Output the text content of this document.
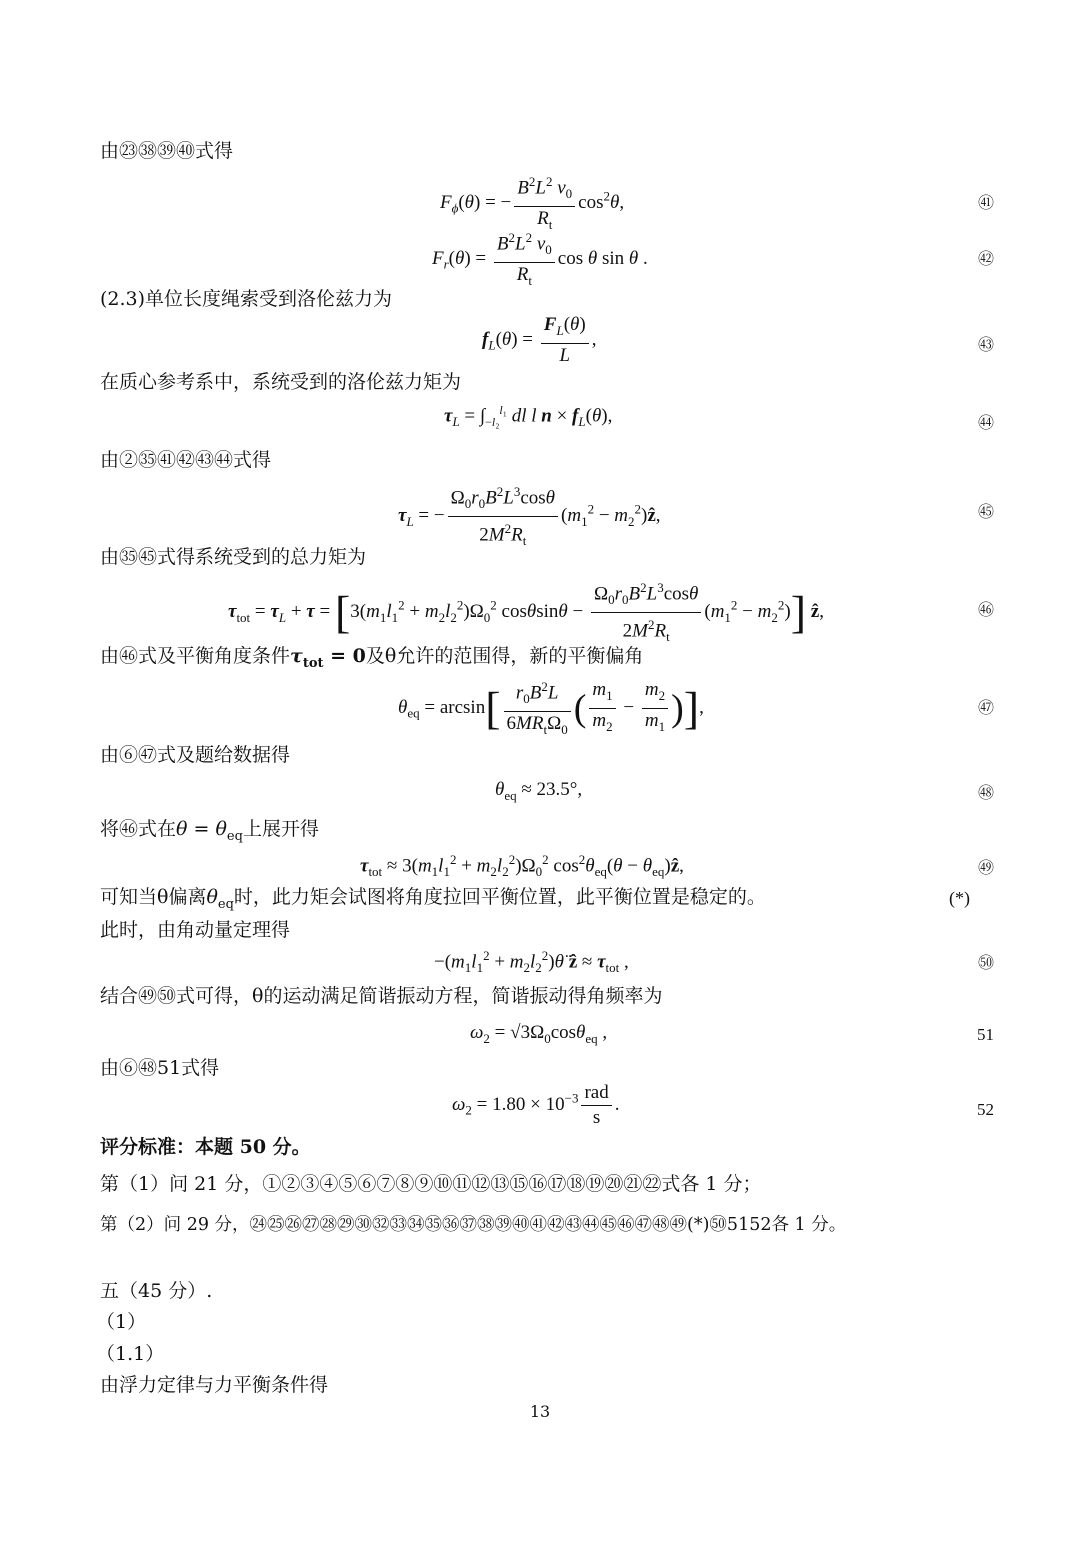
由㉓㊳㊴㊵式得
$F_\phi(\theta)$ = − $\frac{B^2L^2 v_0}{R_t} \cos^2\theta$,	㊶
$F_r(\theta) = \frac{B^2L^2 v_0}{R_t}$ cos θ sin θ .	㊷
(2.3)单位长度绳索受到洛伦兹力为
$f_L(\theta) = \frac{F_L(\theta)}{L}$ ,	㊸
在质心参考系中，系统受到的洛伦兹力矩为
$\tau_L = \int_{-l_2}^{l_1}$ dl l $n \times f_L(\theta)$,	㊹
由②㉟㊶㊷㊸㊹式得
$\tau_L$ = − $\frac{\Omega_0r_0B^2L^3\cos\theta}{2M^2R_t} (m_1^2$ − $m_2^2)ẑ$,	㊺
由㉟㊺式得系统受到的总力矩为
$\tau_{tot} = \tau_L + \tau = [3(m_1l_1^2 + m_2l_2^2)\Omega_0^2$ $\cos\theta\sin\theta - \frac{\Omega_0r_0B^2L^3\cos\theta}{2M^2R_t} (m_1^2 - m_2^2)$] ẑ,	㊻
由㊻式及平衡角度条件$\tau_{tot} = 0$及θ允许的范围得，新的平衡偏角
$\theta_{eq} = \arcsin[ \frac{r_0B^2L}{6MR_t\Omega_0}$ ( $\frac{m_1}{m_2} - \frac{m_2}{m_1}$ )],	㊼
由⑥㊼式及题给数据得
$\theta_{eq} \approx 23.5^\circ$,	㊽
将㊻式在$\theta = \theta_{eq}$上展开得
$\tau_{tot} \approx 3(m_1l_1^2 + m_2l_2^2)\Omega_0^2$ $\cos^2\theta_{eq}(\theta$ − $\theta_{eq})ẑ$,	㊾
可知当θ偏离$\theta_{eq}$时，此力矩会试图将角度拉回平衡位置，此平衡位置是稳定的。	(*)
此时，由角动量定理得
$-(m_1l_1^2$ + $m_2l_2^2)\thetä$ ẑ ≈ $\tau_{tot}$ ,	㊿
结合㊾㊿式可得，θ的运动满足简谐振动方程，简谐振动得角频率为
$\omega_2 = √3\Omega_0\cos\theta_{eq}$ ,	51
由⑥㊽51式得
$\omega_2 = 1.80 \times 10^{-3} \frac{\text{rad}}{s}$ .	52
评分标准：本题 50 分。
第（1）问 21 分，①②③④⑤⑥⑦⑧⑨⑩⑪⑫⑬⑮⑯⑰⑱⑲⑳㉑㉒式各 1 分；
第（2）问 29 分，㉔㉕㉖㉗㉘㉙㉚㉜㉝㉞㉟㊱㊲㊳㊴㊵㊶㊷㊸㊹㊺㊻㊼㊽㊾(*)㊿5152各 1 分。
五（45 分）.
（1）
（1.1）
由浮力定律与力平衡条件得
13
